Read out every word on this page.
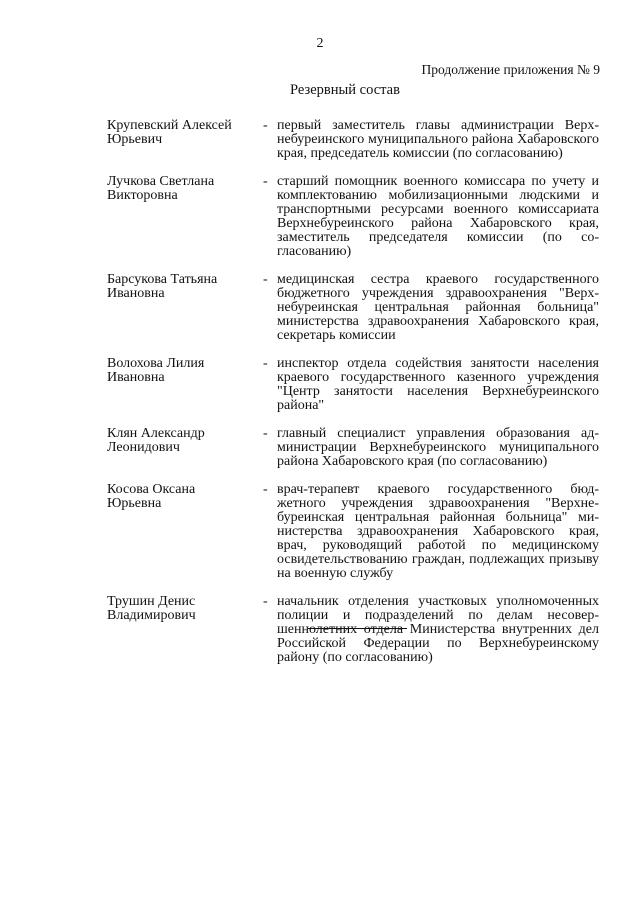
2
Продолжение приложения № 9
Резервный состав
Крупевский Алексей
Юрьевич
- первый заместитель главы администрации Верхнебуреинского муниципального района Хабаровского края, председатель комиссии (по согласованию)
Лучкова Светлана
Викторовна
- старший помощник военного комиссара по учету и комплектованию мобилизационными людскими и транспортными ресурсами военного комиссариата Верхнебуреинского района Хабаровского края, заместитель председателя комиссии (по согласованию)
Барсукова Татьяна
Ивановна
- медицинская сестра краевого государственного бюджетного учреждения здравоохранения "Верхнебуреинская центральная районная больница" министерства здравоохранения Хабаровского края, секретарь комиссии
Волохова Лилия
Ивановна
- инспектор отдела содействия занятости населения краевого государственного казенного учреждения "Центр занятости населения Верхнебуреинского района"
Клян Александр
Леонидович
- главный специалист управления образования администрации Верхнебуреинского муниципального района Хабаровского края (по согласованию)
Косова Оксана
Юрьевна
- врач-терапевт краевого государственного бюджетного учреждения здравоохранения "Верхнебуреинская центральная районная больница" министерства здравоохранения Хабаровского края, врач, руководящий работой по медицинскому освидетельствованию граждан, подлежащих призыву на военную службу
Трушин Денис
Владимирович
- начальник отделения участковых уполномоченных полиции и подразделений по делам несовершеннолетних отдела Министерства внутренних дел Российской Федерации по Верхнебуреинскому району (по согласованию)
